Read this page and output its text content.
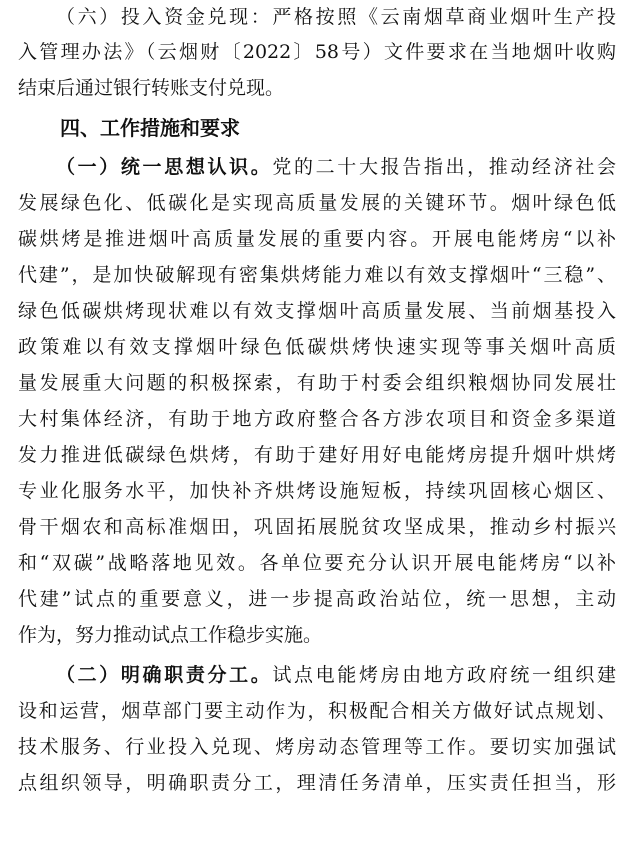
（六）投入资金兑现：严格按照《云南烟草商业烟叶生产投
入管理办法》（云烟财〔2022〕58号）文件要求在当地烟叶收购
结束后通过银行转账支付兑现。
四、工作措施和要求
（一）统一思想认识。党的二十大报告指出，推动经济社会
发展绿色化、低碳化是实现高质量发展的关键环节。烟叶绿色低
碳烘烤是推进烟叶高质量发展的重要内容。开展电能烤房“以补
代建”，是加快破解现有密集烘烤能力难以有效支撑烟叶“三稳”、
绿色低碳烘烤现状难以有效支撑烟叶高质量发展、当前烟基投入
政策难以有效支撑烟叶绿色低碳烘烤快速实现等事关烟叶高质
量发展重大问题的积极探索，有助于村委会组织粮烟协同发展壮
大村集体经济，有助于地方政府整合各方涉农项目和资金多渠道
发力推进低碳绿色烘烤，有助于建好用好电能烤房提升烟叶烘烤
专业化服务水平，加快补齐烘烤设施短板，持续巩固核心烟区、
骨干烟农和高标准烟田，巩固拓展脱贫攻坚成果，推动乡村振兴
和“双碳”战略落地见效。各单位要充分认识开展电能烤房“以补
代建”试点的重要意义，进一步提高政治站位，统一思想，主动
作为，努力推动试点工作稳步实施。
（二）明确职责分工。试点电能烤房由地方政府统一组织建
设和运营，烟草部门要主动作为，积极配合相关方做好试点规划、
技术服务、行业投入兑现、烤房动态管理等工作。要切实加强试
点组织领导，明确职责分工，理清任务清单，压实责任担当，形
